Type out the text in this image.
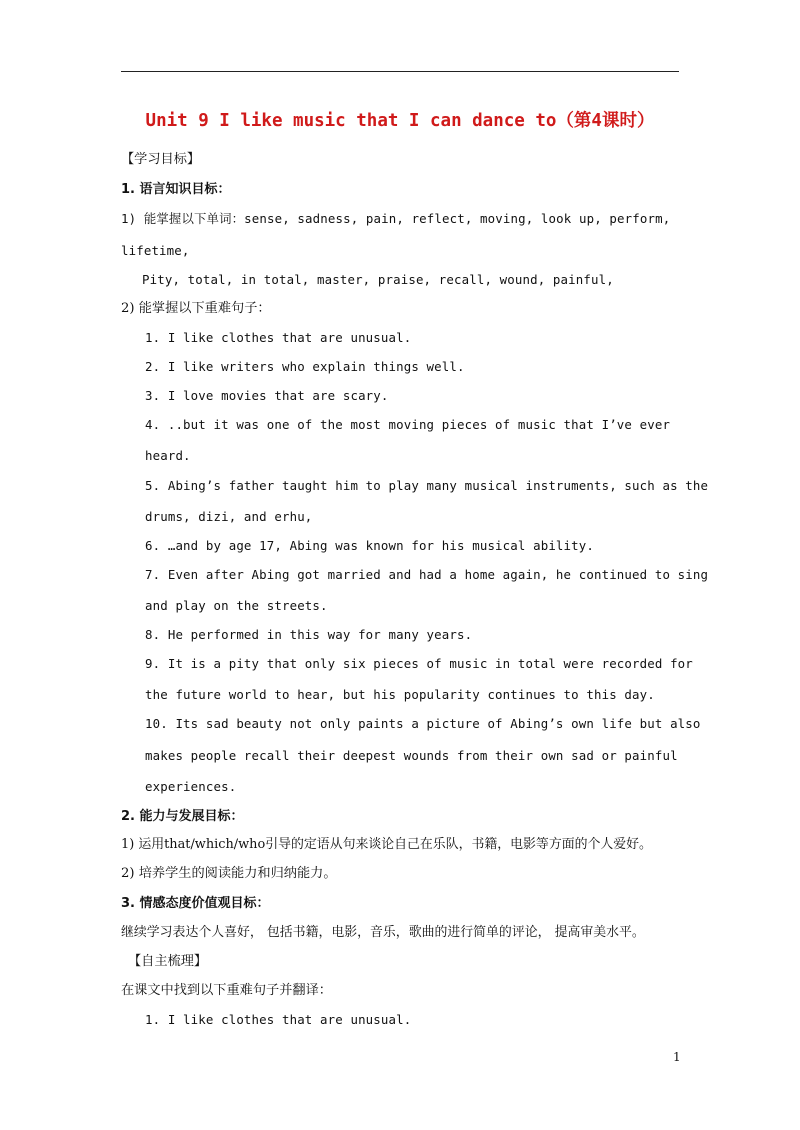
Unit 9 I like music that I can dance to（第4课时）
【学习目标】
1. 语言知识目标：
1) 能掌握以下单词：sense, sadness, pain, reflect, moving, look up, perform,
lifetime,
Pity, total, in total, master, praise, recall, wound, painful,
2) 能掌握以下重难句子：
1. I like clothes that are unusual.
2. I like writers who explain things well.
3. I love movies that are scary.
4. ..but it was one of the most moving pieces of music that I’ve ever
heard.
5. Abing’s father taught him to play many musical instruments, such as the
drums, dizi, and erhu,
6. …and by age 17, Abing was known for his musical ability.
7. Even after Abing got married and had a home again, he continued to sing
and play on the streets.
8. He performed in this way for many years.
9. It is a pity that only six pieces of music in total were recorded for
the future world to hear, but his popularity continues to this day.
10. Its sad beauty not only paints a picture of Abing’s own life but also
makes people recall their deepest wounds from their own sad or painful
experiences.
2. 能力与发展目标：
1) 运用that/which/who引导的定语从句来谈论自己在乐队，书籍，电影等方面的个人爱好。
2) 培养学生的阅读能力和归纳能力。
3. 情感态度价值观目标：
继续学习表达个人喜好， 包括书籍，电影，音乐，歌曲的进行简单的评论， 提高审美水平。
【自主梳理】
在课文中找到以下重难句子并翻译：
1. I like clothes that are unusual.
1
